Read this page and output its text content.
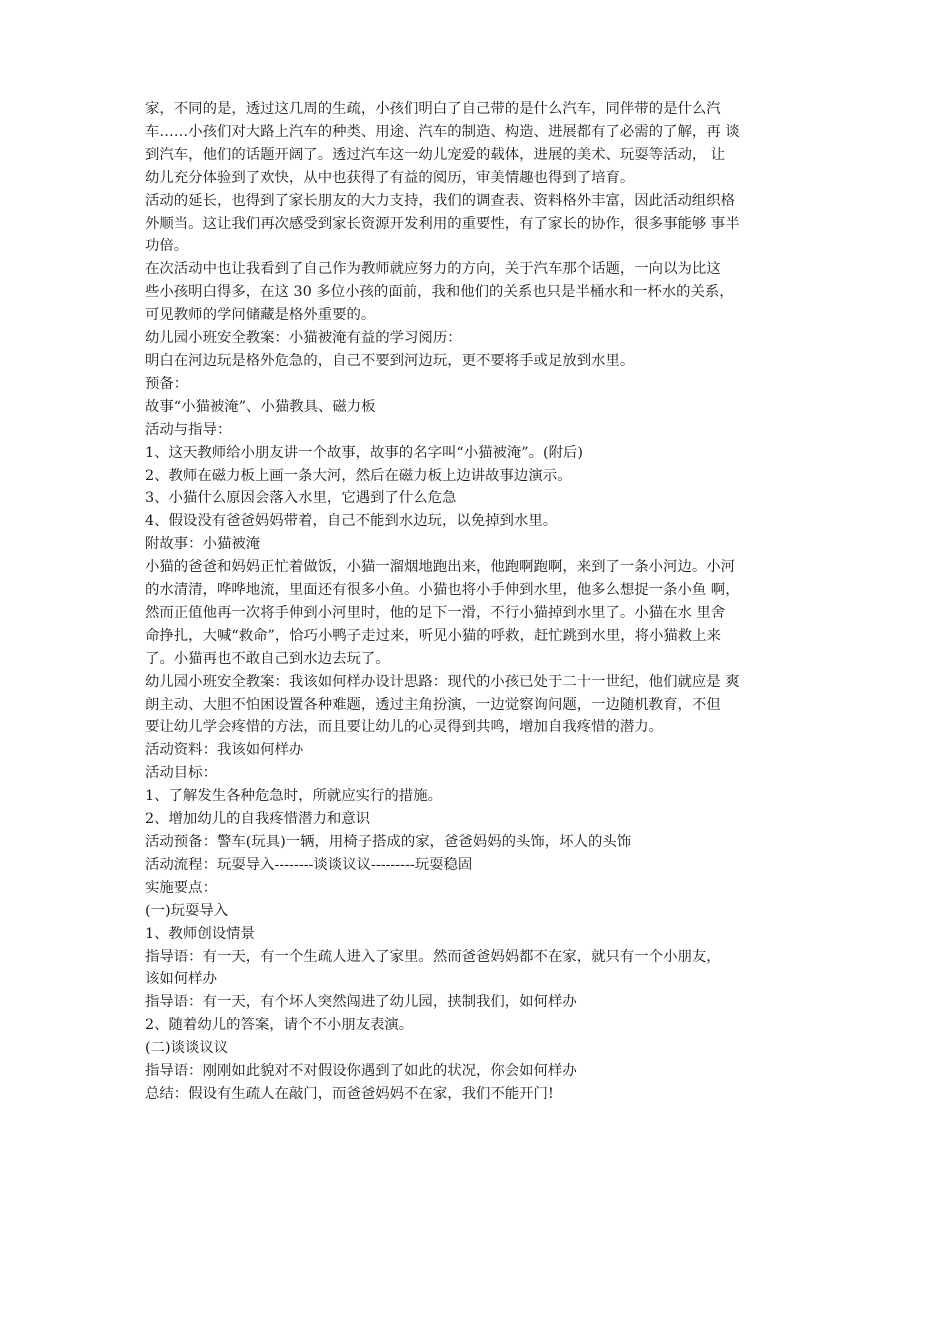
家，不同的是，透过这几周的生疏，小孩们明白了自己带的是什么汽车，同伴带的是什么汽
车……小孩们对大路上汽车的种类、用途、汽车的制造、构造、进展都有了必需的了解，再 谈
到汽车，他们的话题开阔了。透过汽车这一幼儿宠爱的载体，进展的美术、玩耍等活动， 让
幼儿充分体验到了欢快，从中也获得了有益的阅历，审美情趣也得到了培育。
活动的延长，也得到了家长朋友的大力支持，我们的调查表、资料格外丰富，因此活动组织格
外顺当。这让我们再次感受到家长资源开发利用的重要性，有了家长的协作，很多事能够 事半
功倍。
在次活动中也让我看到了自己作为教师就应努力的方向，关于汽车那个话题，一向以为比这
些小孩明白得多，在这 30 多位小孩的面前，我和他们的关系也只是半桶水和一杯水的关系，
可见教师的学问储藏是格外重要的。
幼儿园小班安全教案：小猫被淹有益的学习阅历：
明白在河边玩是格外危急的，自己不要到河边玩，更不要将手或足放到水里。
预备：
故事“小猫被淹”、小猫教具、磁力板
活动与指导：
1、这天教师给小朋友讲一个故事，故事的名字叫“小猫被淹”。(附后)
2、教师在磁力板上画一条大河，然后在磁力板上边讲故事边演示。
3、小猫什么原因会落入水里，它遇到了什么危急
4、假设没有爸爸妈妈带着，自己不能到水边玩，以免掉到水里。
附故事：小猫被淹
小猫的爸爸和妈妈正忙着做饭，小猫一溜烟地跑出来，他跑啊跑啊，来到了一条小河边。小河
的水清清，哗哗地流，里面还有很多小鱼。小猫也将小手伸到水里，他多么想捉一条小鱼 啊，
然而正值他再一次将手伸到小河里时，他的足下一滑，不行小猫掉到水里了。小猫在水 里舍
命挣扎，大喊“救命”，恰巧小鸭子走过来，听见小猫的呼救，赶忙跳到水里，将小猫救上来
了。小猫再也不敢自己到水边去玩了。
幼儿园小班安全教案：我该如何样办设计思路：现代的小孩已处于二十一世纪，他们就应是 爽
朗主动、大胆不怕困设置各种难题，透过主角扮演，一边觉察询问题，一边随机教育，不但
要让幼儿学会疼惜的方法，而且要让幼儿的心灵得到共鸣，增加自我疼惜的潜力。
活动资料：我该如何样办
活动目标：
1、了解发生各种危急时，所就应实行的措施。
2、增加幼儿的自我疼惜潜力和意识
活动预备：警车(玩具)一辆，用椅子搭成的家，爸爸妈妈的头饰，坏人的头饰
活动流程：玩耍导入--------谈谈议议---------玩耍稳固
实施要点：
(一)玩耍导入
1、教师创设情景
指导语：有一天，有一个生疏人进入了家里。然而爸爸妈妈都不在家，就只有一个小朋友，
该如何样办
指导语：有一天，有个坏人突然闯进了幼儿园，挟制我们，如何样办
2、随着幼儿的答案，请个不小朋友表演。
(二)谈谈议议
指导语：刚刚如此貌对不对假设你遇到了如此的状况，你会如何样办
总结：假设有生疏人在敲门，而爸爸妈妈不在家，我们不能开门!
